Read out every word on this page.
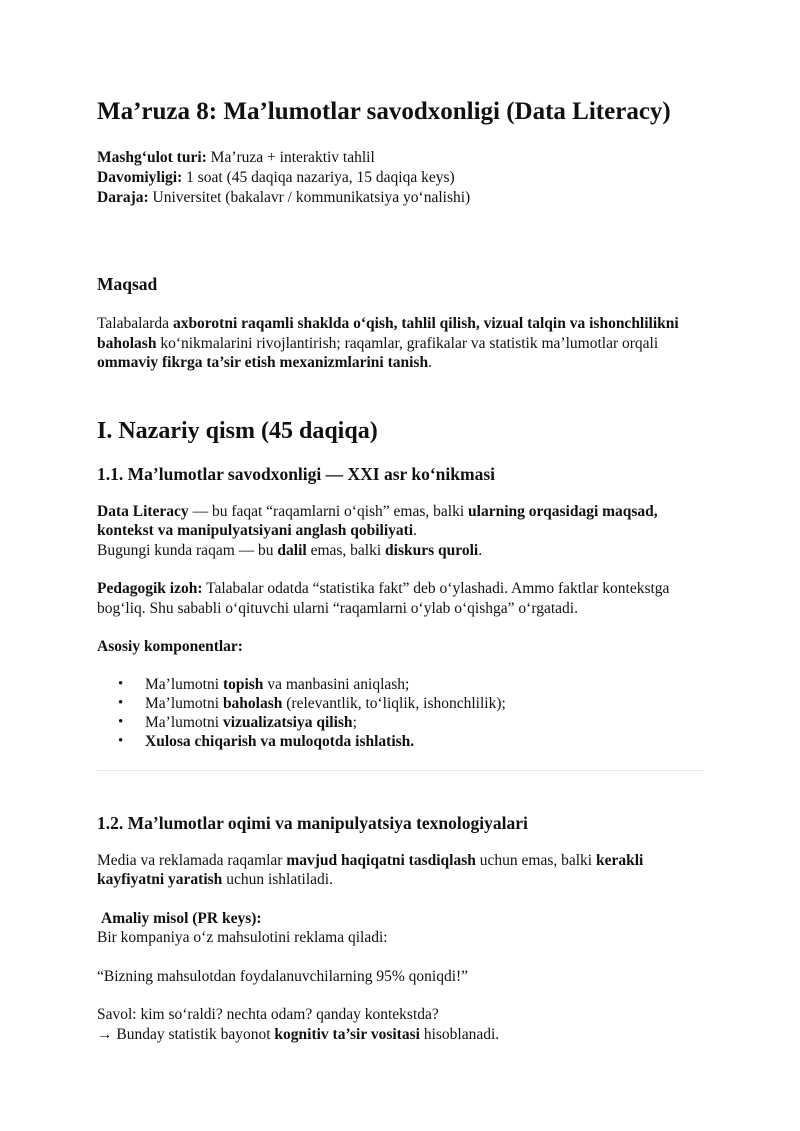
Ma’ruza 8: Ma’lumotlar savodxonligi (Data Literacy)
Mashg‘ulot turi: Ma’ruza + interaktiv tahlil
Davomiyligi: 1 soat (45 daqiqa nazariya, 15 daqiqa keys)
Daraja: Universitet (bakalavr / kommunikatsiya yo‘nalishi)
Maqsad
Talabalarda axborotni raqamli shaklda o‘qish, tahlil qilish, vizual talqin va ishonchlilikni baholash ko‘nikmalarini rivojlantirish; raqamlar, grafikalar va statistik ma’lumotlar orqali ommaviy fikrga ta’sir etish mexanizmlarini tanish.
I. Nazariy qism (45 daqiqa)
1.1. Ma’lumotlar savodxonligi — XXI asr ko‘nikmasi
Data Literacy — bu faqat “raqamlarni o‘qish” emas, balki ularning orqasidagi maqsad, kontekst va manipulyatsiyani anglash qobiliyati.
Bugungi kunda raqam — bu dalil emas, balki diskurs quroli.
Pedagogik izoh: Talabalar odatda “statistika fakt” deb o‘ylashadi. Ammo faktlar kontekstga bog‘liq. Shu sababli o‘qituvchi ularni “raqamlarni o‘ylab o‘qishga” o‘rgatadi.
Asosiy komponentlar:
• Ma’lumotni topish va manbasini aniqlash;
• Ma’lumotni baholash (relevantlik, to‘liqlik, ishonchlilik);
• Ma’lumotni vizualizatsiya qilish;
• Xulosa chiqarish va muloqotda ishlatish.
1.2. Ma’lumotlar oqimi va manipulyatsiya texnologiyalari
Media va reklamada raqamlar mavjud haqiqatni tasdiqlash uchun emas, balki kerakli kayfiyatni yaratish uchun ishlatiladi.
Amaliy misol (PR keys):
Bir kompaniya o‘z mahsulotini reklama qiladi:
“Bizning mahsulotdan foydalanuvchilarning 95% qoniqdi!”
Savol: kim so‘raldi? nechta odam? qanday kontekstda?
→ Bunday statistik bayonot kognitiv ta’sir vositasi hisoblanadi.
